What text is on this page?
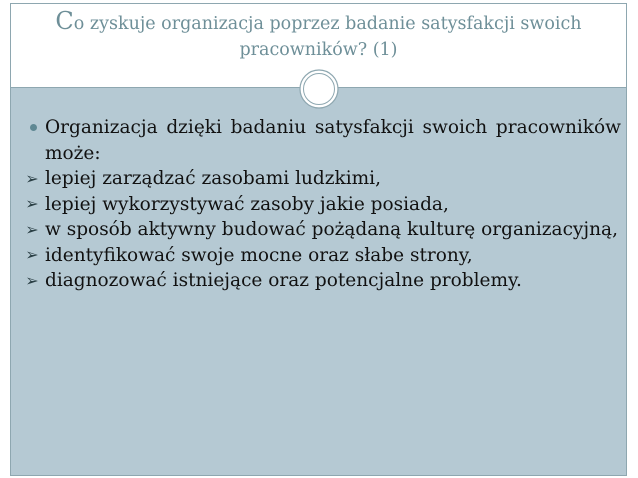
Co zyskuje organizacja poprzez badanie satysfakcji swoich pracowników? (1)
Organizacja dzięki badaniu satysfakcji swoich pracowników może:
➢ lepiej zarządzać zasobami ludzkimi,
➢ lepiej wykorzystywać zasoby jakie posiada,
➢ w sposób aktywny budować pożądaną kulturę organizacyjną,
➢ identyfikować swoje mocne oraz słabe strony,
➢ diagnozować istniejące oraz potencjalne problemy.
